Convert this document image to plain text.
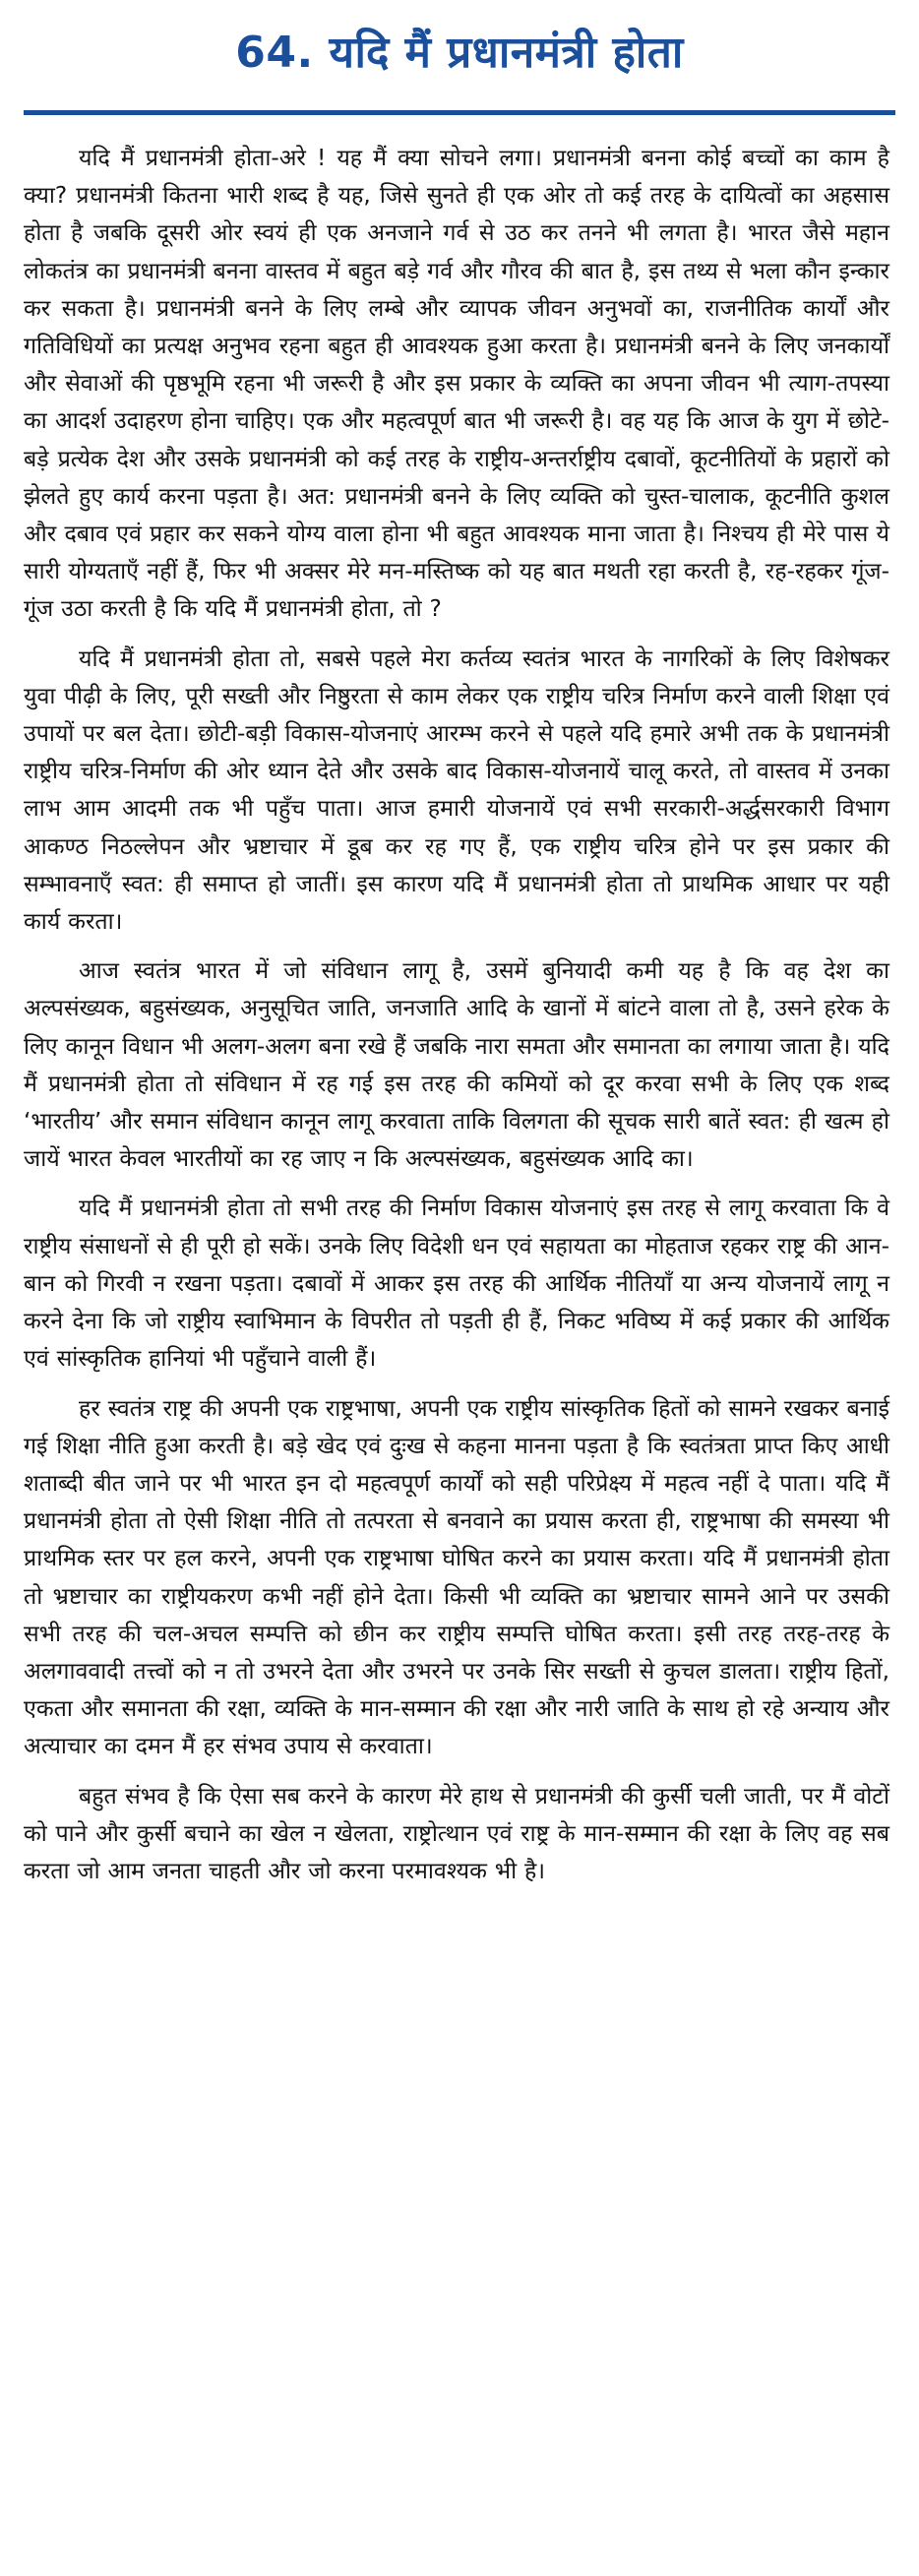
64. यदि मैं प्रधानमंत्री होता

यदि मैं प्रधानमंत्री होता-अरे ! यह मैं क्या सोचने लगा। प्रधानमंत्री बनना कोई बच्चों का काम है क्या? प्रधानमंत्री कितना भारी शब्द है यह, जिसे सुनते ही एक ओर तो कई तरह के दायित्वों का अहसास होता है जबकि दूसरी ओर स्वयं ही एक अनजाने गर्व से उठ कर तनने भी लगता है। भारत जैसे महान लोकतंत्र का प्रधानमंत्री बनना वास्तव में बहुत बड़े गर्व और गौरव की बात है, इस तथ्य से भला कौन इन्कार कर सकता है। प्रधानमंत्री बनने के लिए लम्बे और व्यापक जीवन अनुभवों का, राजनीतिक कार्यों और गतिविधियों का प्रत्यक्ष अनुभव रहना बहुत ही आवश्यक हुआ करता है। प्रधानमंत्री बनने के लिए जनकार्यों और सेवाओं की पृष्ठभूमि रहना भी जरूरी है और इस प्रकार के व्यक्ति का अपना जीवन भी त्याग-तपस्या का आदर्श उदाहरण होना चाहिए। एक और महत्वपूर्ण बात भी जरूरी है। वह यह कि आज के युग में छोटे-बड़े प्रत्येक देश और उसके प्रधानमंत्री को कई तरह के राष्ट्रीय-अन्तर्राष्ट्रीय दबावों, कूटनीतियों के प्रहारों को झेलते हुए कार्य करना पड़ता है। अत: प्रधानमंत्री बनने के लिए व्यक्ति को चुस्त-चालाक, कूटनीति कुशल और दबाव एवं प्रहार कर सकने योग्य वाला होना भी बहुत आवश्यक माना जाता है। निश्चय ही मेरे पास ये सारी योग्यताएँ नहीं हैं, फिर भी अक्सर मेरे मन-मस्तिष्क को यह बात मथती रहा करती है, रह-रहकर गूंज-गूंज उठा करती है कि यदि मैं प्रधानमंत्री होता, तो ?

यदि मैं प्रधानमंत्री होता तो, सबसे पहले मेरा कर्तव्य स्वतंत्र भारत के नागरिकों के लिए विशेषकर युवा पीढ़ी के लिए, पूरी सख्ती और निष्ठुरता से काम लेकर एक राष्ट्रीय चरित्र निर्माण करने वाली शिक्षा एवं उपायों पर बल देता। छोटी-बड़ी विकास-योजनाएं आरम्भ करने से पहले यदि हमारे अभी तक के प्रधानमंत्री राष्ट्रीय चरित्र-निर्माण की ओर ध्यान देते और उसके बाद विकास-योजनायें चालू करते, तो वास्तव में उनका लाभ आम आदमी तक भी पहुँच पाता। आज हमारी योजनायें एवं सभी सरकारी-अर्द्धसरकारी विभाग आकण्ठ निठल्लेपन और भ्रष्टाचार में डूब कर रह गए हैं, एक राष्ट्रीय चरित्र होने पर इस प्रकार की सम्भावनाएँ स्वत: ही समाप्त हो जातीं। इस कारण यदि मैं प्रधानमंत्री होता तो प्राथमिक आधार पर यही कार्य करता।

आज स्वतंत्र भारत में जो संविधान लागू है, उसमें बुनियादी कमी यह है कि वह देश का अल्पसंख्यक, बहुसंख्यक, अनुसूचित जाति, जनजाति आदि के खानों में बांटने वाला तो है, उसने हरेक के लिए कानून विधान भी अलग-अलग बना रखे हैं जबकि नारा समता और समानता का लगाया जाता है। यदि मैं प्रधानमंत्री होता तो संविधान में रह गई इस तरह की कमियों को दूर करवा सभी के लिए एक शब्द ‘भारतीय’ और समान संविधान कानून लागू करवाता ताकि विलगता की सूचक सारी बातें स्वत: ही खत्म हो जायें भारत केवल भारतीयों का रह जाए न कि अल्पसंख्यक, बहुसंख्यक आदि का।

यदि मैं प्रधानमंत्री होता तो सभी तरह की निर्माण विकास योजनाएं इस तरह से लागू करवाता कि वे राष्ट्रीय संसाधनों से ही पूरी हो सकें। उनके लिए विदेशी धन एवं सहायता का मोहताज रहकर राष्ट्र की आन-बान को गिरवी न रखना पड़ता। दबावों में आकर इस तरह की आर्थिक नीतियाँ या अन्य योजनायें लागू न करने देना कि जो राष्ट्रीय स्वाभिमान के विपरीत तो पड़ती ही हैं, निकट भविष्य में कई प्रकार की आर्थिक एवं सांस्कृतिक हानियां भी पहुँचाने वाली हैं।

हर स्वतंत्र राष्ट्र की अपनी एक राष्ट्रभाषा, अपनी एक राष्ट्रीय सांस्कृतिक हितों को सामने रखकर बनाई गई शिक्षा नीति हुआ करती है। बड़े खेद एवं दुःख से कहना मानना पड़ता है कि स्वतंत्रता प्राप्त किए आधी शताब्दी बीत जाने पर भी भारत इन दो महत्वपूर्ण कार्यों को सही परिप्रेक्ष्य में महत्व नहीं दे पाता। यदि मैं प्रधानमंत्री होता तो ऐसी शिक्षा नीति तो तत्परता से बनवाने का प्रयास करता ही, राष्ट्रभाषा की समस्या भी प्राथमिक स्तर पर हल करने, अपनी एक राष्ट्रभाषा घोषित करने का प्रयास करता। यदि मैं प्रधानमंत्री होता तो भ्रष्टाचार का राष्ट्रीयकरण कभी नहीं होने देता। किसी भी व्यक्ति का भ्रष्टाचार सामने आने पर उसकी सभी तरह की चल-अचल सम्पत्ति को छीन कर राष्ट्रीय सम्पत्ति घोषित करता। इसी तरह तरह-तरह के अलगाववादी तत्त्वों को न तो उभरने देता और उभरने पर उनके सिर सख्ती से कुचल डालता। राष्ट्रीय हितों, एकता और समानता की रक्षा, व्यक्ति के मान-सम्मान की रक्षा और नारी जाति के साथ हो रहे अन्याय और अत्याचार का दमन मैं हर संभव उपाय से करवाता।

बहुत संभव है कि ऐसा सब करने के कारण मेरे हाथ से प्रधानमंत्री की कुर्सी चली जाती, पर मैं वोटों को पाने और कुर्सी बचाने का खेल न खेलता, राष्ट्रोत्थान एवं राष्ट्र के मान-सम्मान की रक्षा के लिए वह सब करता जो आम जनता चाहती और जो करना परमावश्यक भी है।
